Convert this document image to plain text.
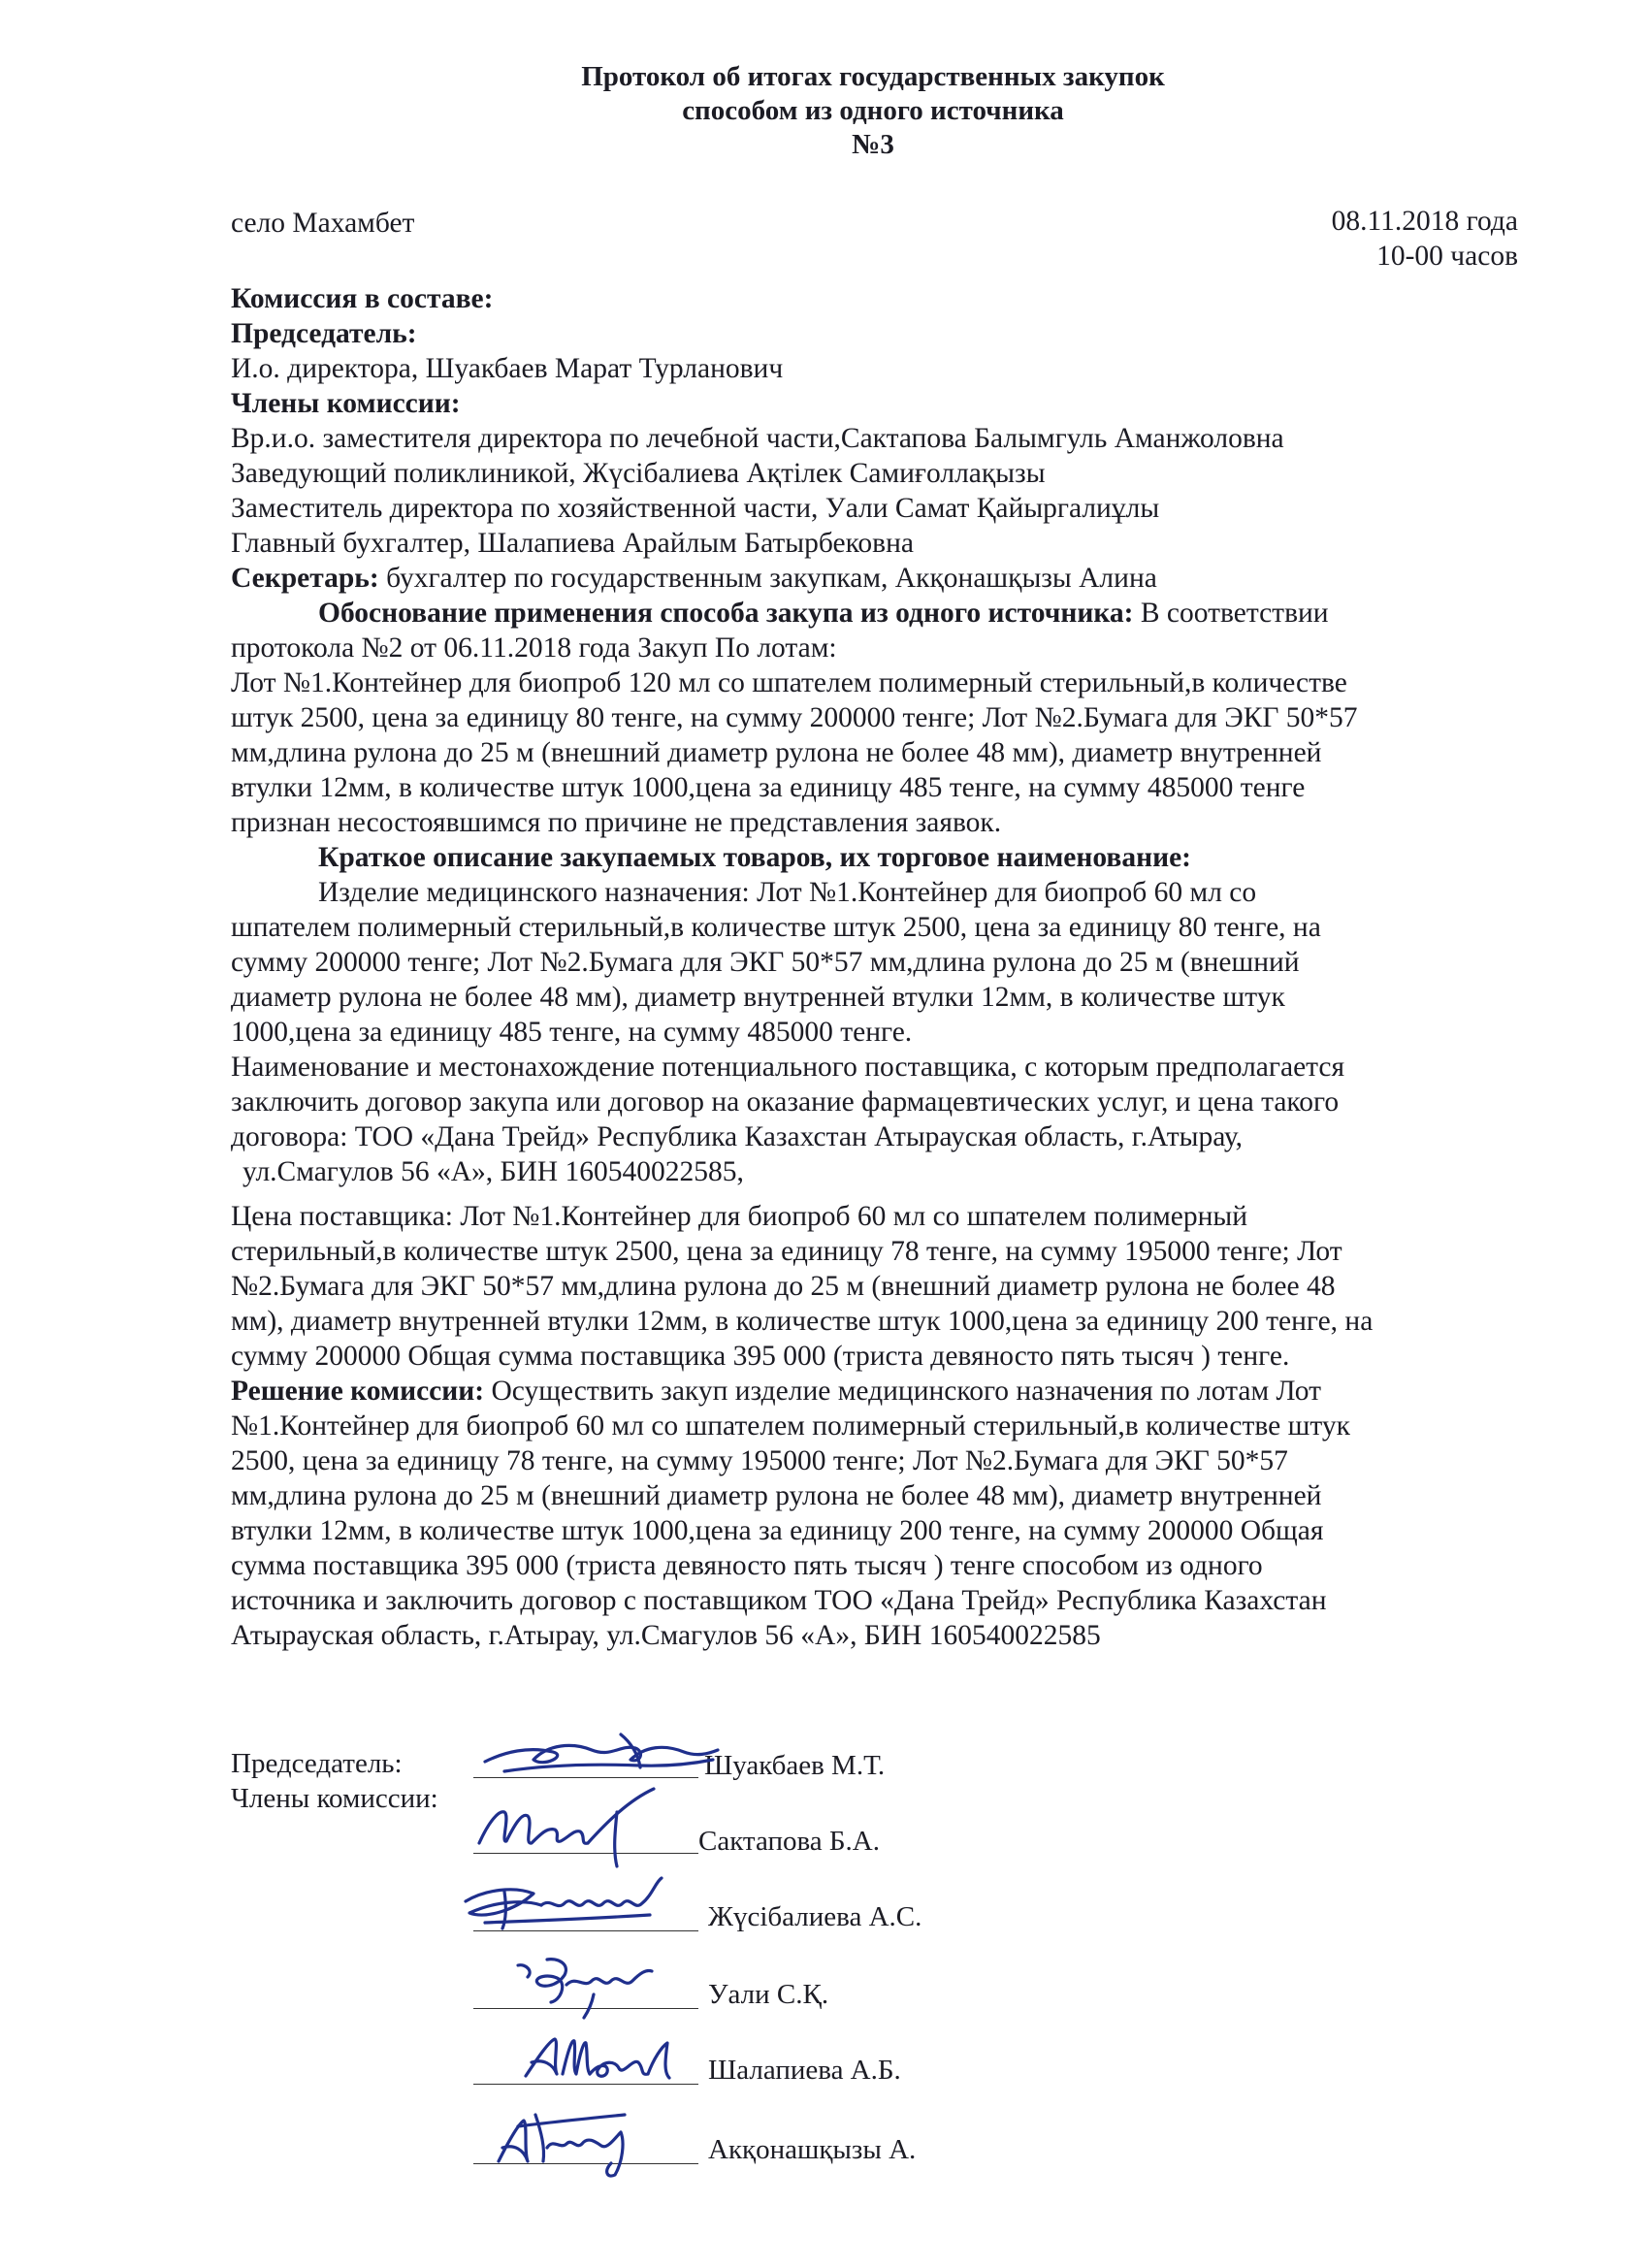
Протокол об итогах государственных закупок
способом из одного источника
№3
село Махамбет	08.11.2018 года
10-00 часов
Комиссия в составе:
Председатель:
И.о. директора, Шуакбаев Марат Турланович
Члены комиссии:
Вр.и.о. заместителя директора по лечебной части,Сактапова Балымгуль Аманжоловна
Заведующий поликлиникой, Жүсібалиева Ақтілек Самиғоллақызы
Заместитель директора по хозяйственной части, Уали Самат Қайыргалиұлы
Главный бухгалтер, Шалапиева Арайлым Батырбековна
Секретарь: бухгалтер по государственным закупкам, Акқонашқызы Алина
Обоснование применения способа закупа из одного источника: В соответствии
протокола №2 от 06.11.2018 года Закуп По лотам:
Лот №1.Контейнер для биопроб 120 мл со шпателем полимерный стерильный,в количестве
штук 2500, цена за единицу 80 тенге, на сумму 200000 тенге; Лот №2.Бумага для ЭКГ 50*57
мм,длина рулона до 25 м (внешний диаметр рулона не более 48 мм), диаметр внутренней
втулки 12мм, в количестве штук 1000,цена за единицу 485 тенге, на сумму 485000 тенге
признан несостоявшимся по причине не представления заявок.
Краткое описание закупаемых товаров, их торговое наименование:
Изделие медицинского назначения: Лот №1.Контейнер для биопроб 60 мл со
шпателем полимерный стерильный,в количестве штук 2500, цена за единицу 80 тенге, на
сумму 200000 тенге; Лот №2.Бумага для ЭКГ 50*57 мм,длина рулона до 25 м (внешний
диаметр рулона не более 48 мм), диаметр внутренней втулки 12мм, в количестве штук
1000,цена за единицу 485 тенге, на сумму 485000 тенге.
Наименование и местонахождение потенциального поставщика, с которым предполагается
заключить договор закупа или договор на оказание фармацевтических услуг, и цена такого
договора: ТОО «Дана Трейд» Республика Казахстан Атырауская область, г.Атырау,
ул.Смагулов 56 «А», БИН 160540022585,
Цена поставщика: Лот №1.Контейнер для биопроб 60 мл со шпателем полимерный
стерильный,в количестве штук 2500, цена за единицу 78 тенге, на сумму 195000 тенге; Лот
№2.Бумага для ЭКГ 50*57 мм,длина рулона до 25 м (внешний диаметр рулона не более 48
мм), диаметр внутренней втулки 12мм, в количестве штук 1000,цена за единицу 200 тенге, на
сумму 200000 Общая сумма поставщика 395 000 (триста девяносто пять тысяч ) тенге.
Решение комиссии: Осуществить закуп изделие медицинского назначения по лотам Лот
№1.Контейнер для биопроб 60 мл со шпателем полимерный стерильный,в количестве штук
2500, цена за единицу 78 тенге, на сумму 195000 тенге; Лот №2.Бумага для ЭКГ 50*57
мм,длина рулона до 25 м (внешний диаметр рулона не более 48 мм), диаметр внутренней
втулки 12мм, в количестве штук 1000,цена за единицу 200 тенге, на сумму 200000 Общая
сумма поставщика 395 000 (триста девяносто пять тысяч ) тенге способом из одного
источника и заключить договор с поставщиком ТОО «Дана Трейд» Республика Казахстан
Атырауская область, г.Атырау, ул.Смагулов 56 «А», БИН 160540022585
Председатель:
Члены комиссии:
Шуакбаев М.Т.
Сактапова Б.А.
Жүсібалиева А.С.
Уали С.Қ.
Шалапиева А.Б.
Акқонашқызы А.
